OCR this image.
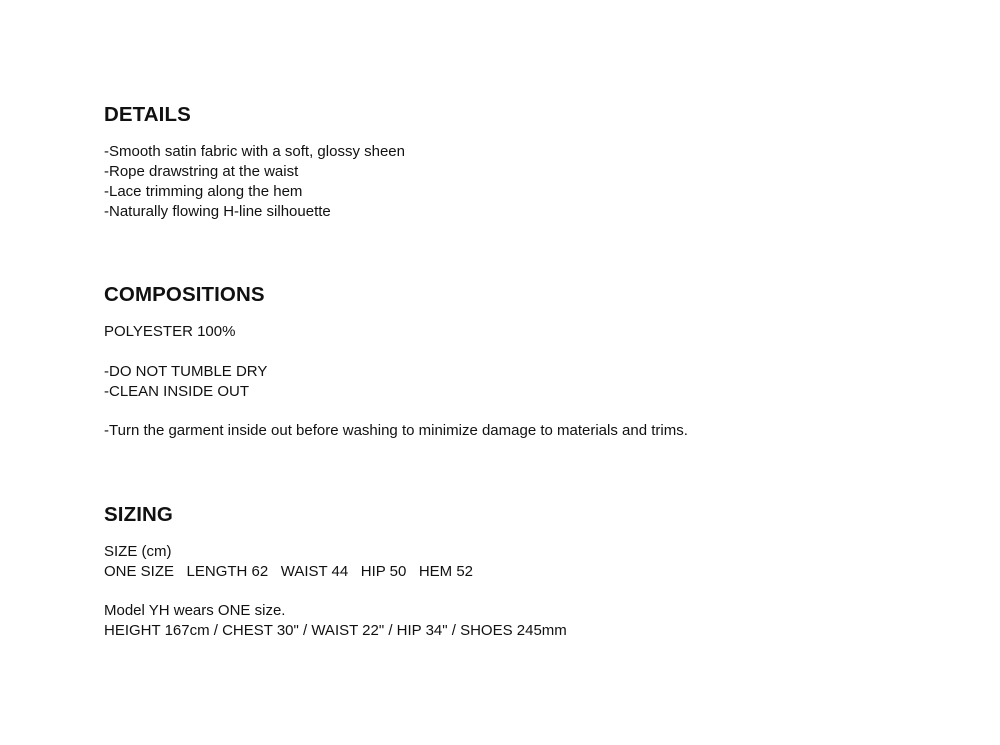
DETAILS

-Smooth satin fabric with a soft, glossy sheen

-Rope drawstring at the waist

-Lace trimming along the hem

-Naturally flowing H-line silhouette

COMPOSITIONS

POLYESTER 100%

-DO NOT TUMBLE DRY

-CLEAN INSIDE OUT

-Turn the garment inside out before washing to minimize damage to materials and trims.

SIZING

SIZE (cm)

ONE SIZE   LENGTH 62   WAIST 44   HIP 50   HEM 52

Model YH wears ONE size.

HEIGHT 167cm / CHEST 30" / WAIST 22" / HIP 34" / SHOES 245mm
